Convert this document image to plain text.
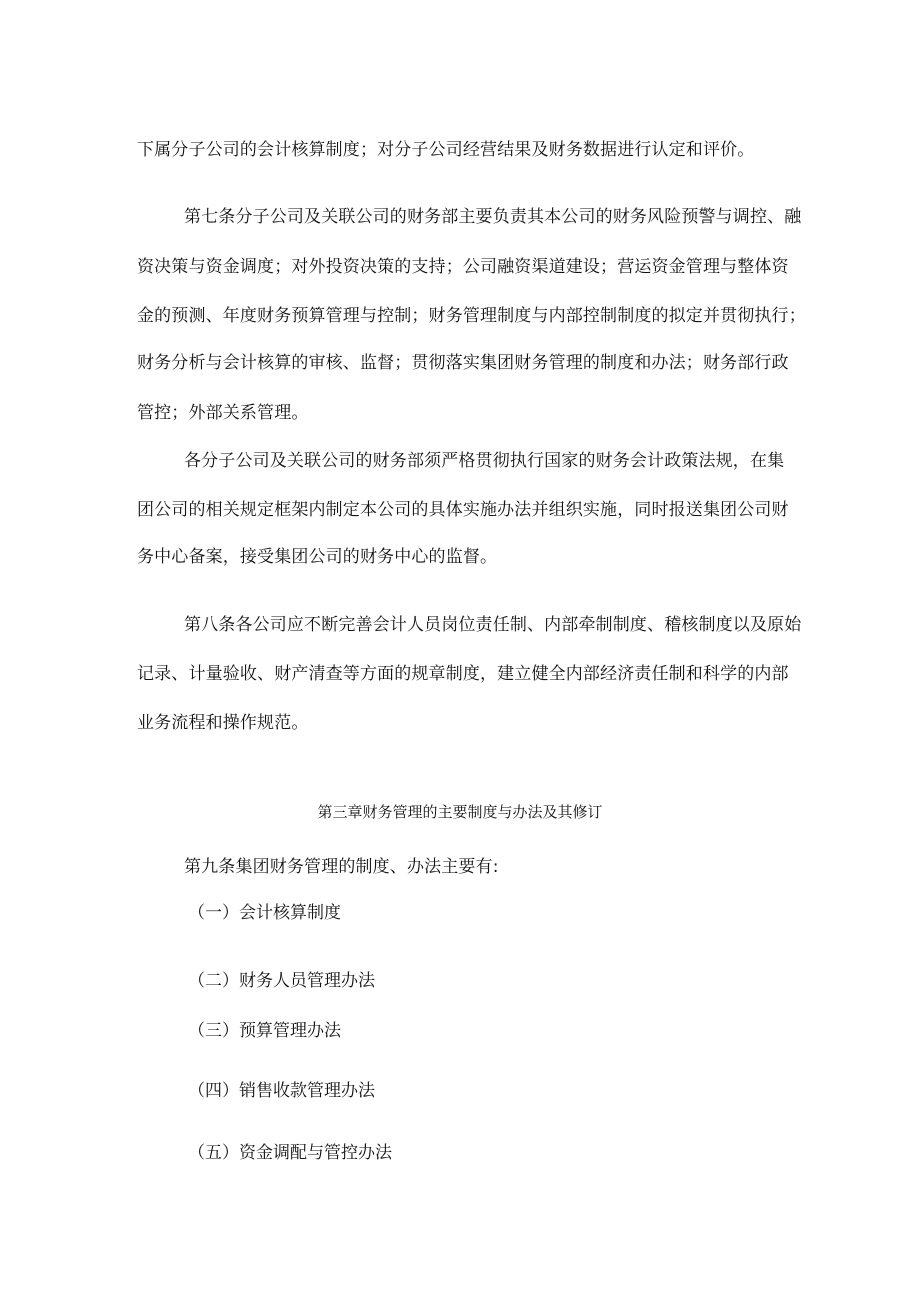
下属分子公司的会计核算制度；对分子公司经营结果及财务数据进行认定和评价。
第七条分子公司及关联公司的财务部主要负责其本公司的财务风险预警与调控、融
资决策与资金调度；对外投资决策的支持；公司融资渠道建设；营运资金管理与整体资
金的预测、年度财务预算管理与控制；财务管理制度与内部控制制度的拟定并贯彻执行；
财务分析与会计核算的审核、监督；贯彻落实集团财务管理的制度和办法；财务部行政
管控；外部关系管理。
各分子公司及关联公司的财务部须严格贯彻执行国家的财务会计政策法规，在集
团公司的相关规定框架内制定本公司的具体实施办法并组织实施，同时报送集团公司财
务中心备案，接受集团公司的财务中心的监督。
第八条各公司应不断完善会计人员岗位责任制、内部牵制制度、稽核制度以及原始
记录、计量验收、财产清查等方面的规章制度，建立健全内部经济责任制和科学的内部
业务流程和操作规范。
第三章财务管理的主要制度与办法及其修订
第九条集团财务管理的制度、办法主要有:
（一）会计核算制度
（二）财务人员管理办法
（三）预算管理办法
（四）销售收款管理办法
（五）资金调配与管控办法
